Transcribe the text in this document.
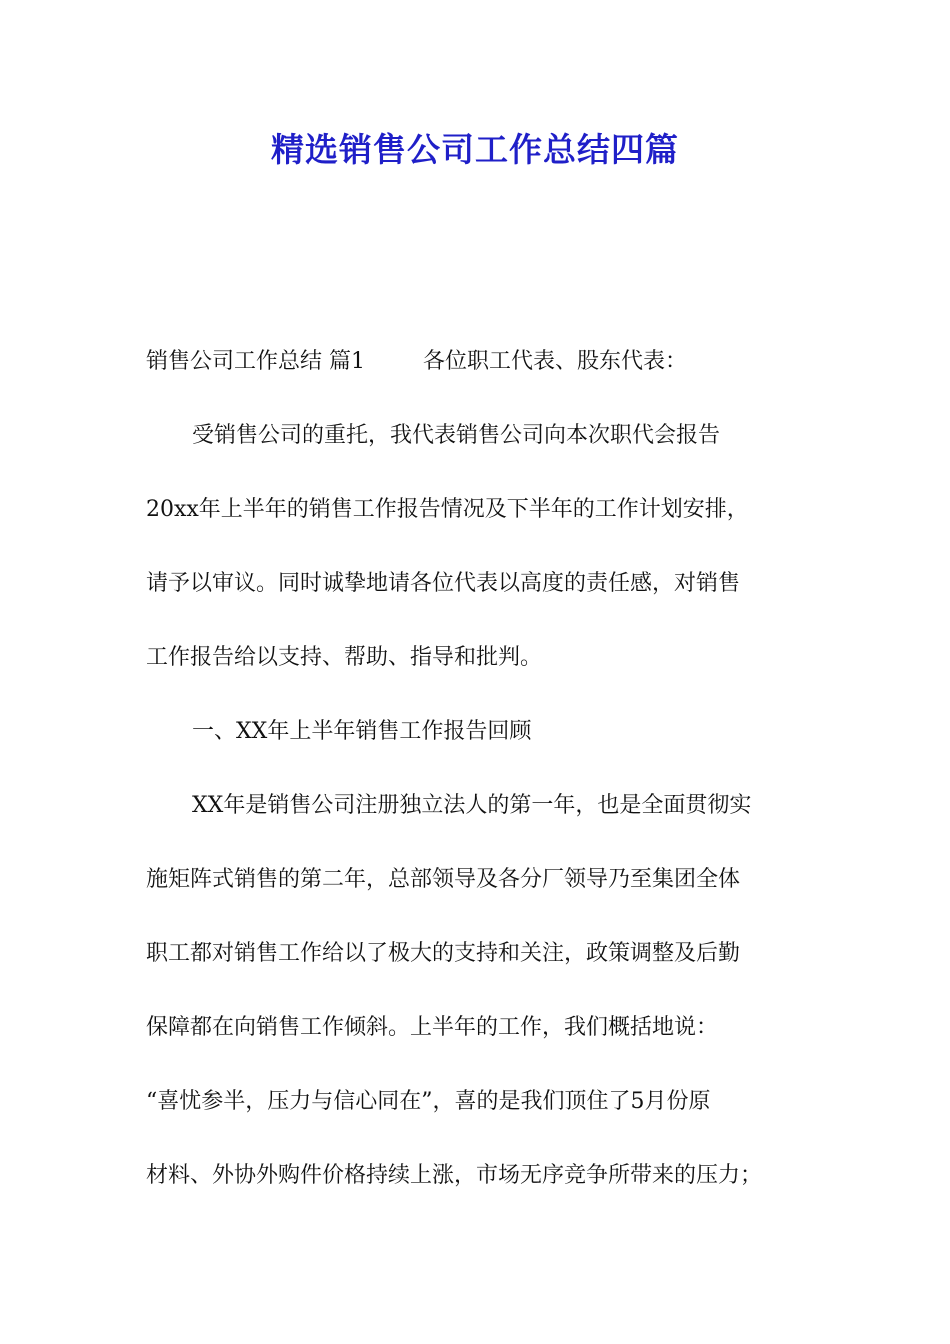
精选销售公司工作总结四篇
销售公司工作总结 篇1	各位职工代表、股东代表：
受销售公司的重托，我代表销售公司向本次职代会报告
20xx年上半年的销售工作报告情况及下半年的工作计划安排，
请予以审议。同时诚挚地请各位代表以高度的责任感，对销售
工作报告给以支持、帮助、指导和批判。
一、XX年上半年销售工作报告回顾
XX年是销售公司注册独立法人的第一年，也是全面贯彻实
施矩阵式销售的第二年，总部领导及各分厂领导乃至集团全体
职工都对销售工作给以了极大的支持和关注，政策调整及后勤
保障都在向销售工作倾斜。上半年的工作，我们概括地说：
“喜忧参半，压力与信心同在”，喜的是我们顶住了5月份原
材料、外协外购件价格持续上涨，市场无序竞争所带来的压力；
